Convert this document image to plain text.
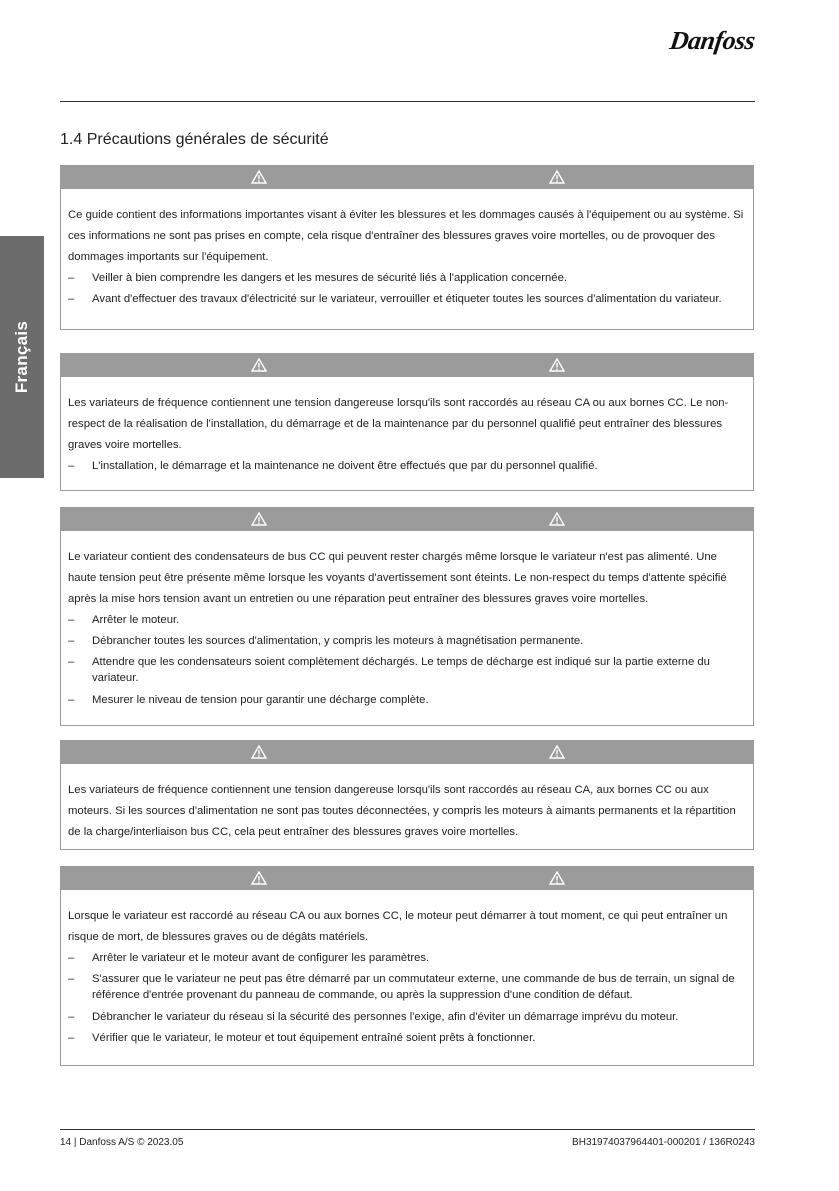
Danfoss
Français
1.4 Précautions générales de sécurité

Ce guide contient des informations importantes visant à éviter les blessures et les dommages causés à l'équipement ou au système. Si ces informations ne sont pas prises en compte, cela risque d'entraîner des blessures graves voire mortelles, ou de provoquer des dommages importants sur l'équipement.

– Veiller à bien comprendre les dangers et les mesures de sécurité liés à l'application concernée.
– Avant d'effectuer des travaux d'électricité sur le variateur, verrouiller et étiqueter toutes les sources d'alimentation du variateur.

Les variateurs de fréquence contiennent une tension dangereuse lorsqu'ils sont raccordés au réseau CA ou aux bornes CC. Le non-respect de la réalisation de l'installation, du démarrage et de la maintenance par du personnel qualifié peut entraîner des blessures graves voire mortelles.

– L'installation, le démarrage et la maintenance ne doivent être effectués que par du personnel qualifié.

Le variateur contient des condensateurs de bus CC qui peuvent rester chargés même lorsque le variateur n'est pas alimenté. Une haute tension peut être présente même lorsque les voyants d'avertissement sont éteints. Le non-respect du temps d'attente spécifié après la mise hors tension avant un entretien ou une réparation peut entraîner des blessures graves voire mortelles.

– Arrêter le moteur.
– Débrancher toutes les sources d'alimentation, y compris les moteurs à magnétisation permanente.
– Attendre que les condensateurs soient complètement déchargés. Le temps de décharge est indiqué sur la partie externe du variateur.
– Mesurer le niveau de tension pour garantir une décharge complète.

Les variateurs de fréquence contiennent une tension dangereuse lorsqu'ils sont raccordés au réseau CA, aux bornes CC ou aux moteurs. Si les sources d'alimentation ne sont pas toutes déconnectées, y compris les moteurs à aimants permanents et la répartition de la charge/interliaison bus CC, cela peut entraîner des blessures graves voire mortelles.

Lorsque le variateur est raccordé au réseau CA ou aux bornes CC, le moteur peut démarrer à tout moment, ce qui peut entraîner un risque de mort, de blessures graves ou de dégâts matériels.

– Arrêter le variateur et le moteur avant de configurer les paramètres.
– S'assurer que le variateur ne peut pas être démarré par un commutateur externe, une commande de bus de terrain, un signal de référence d'entrée provenant du panneau de commande, ou après la suppression d'une condition de défaut.
– Débrancher le variateur du réseau si la sécurité des personnes l'exige, afin d'éviter un démarrage imprévu du moteur.
– Vérifier que le variateur, le moteur et tout équipement entraîné soient prêts à fonctionner.
14 | Danfoss A/S © 2023.05	BH31974037964401-000201 / 136R0243
